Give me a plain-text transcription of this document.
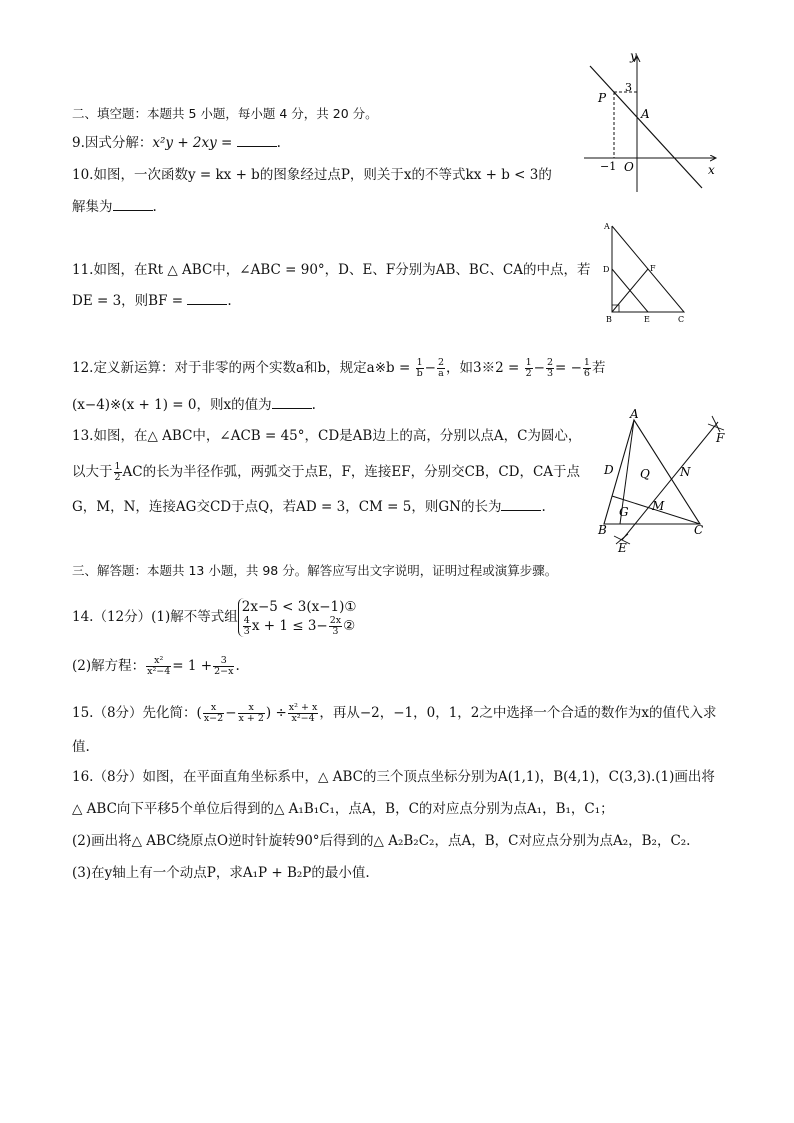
二、填空题：本题共 5 小题，每小题 4 分，共 20 分。
9.因式分解：x²y + 2xy =	.
10.如图，一次函数y = kx + b的图象经过点P，则关于x的不等式kx + b < 3的
解集为	.
11.如图，在Rt △ ABC中，∠ABC = 90°，D、E、F分别为AB、BC、CA的中点，若
DE = 3，则BF =	.
12.定义新运算：对于非零的两个实数a和b，规定a※b = $\frac{1}{b} - \frac{2}{a}$ ，如3※2 = $\frac{1}{2} - \frac{2}{3}$ = − $\frac{1}{6}$ 若
(x−4)※(x + 1) = 0，则x的值为	.
13.如图，在△ ABC中，∠ACB = 45°，CD是AB边上的高，分别以点A，C为圆心，
以大于 $\frac{1}{2}$ AC的长为半径作弧，两弧交于点E，F，连接EF，分别交CB，CD，CA于点
G，M，N，连接AG交CD于点Q，若AD = 3，CM = 5，则GN的长为	.
三、解答题：本题共 13 小题，共 98 分。解答应写出文字说明，证明过程或演算步骤。
14.（12分）(1)解不等式组
2x−5 < 3(x−1)①
$\frac{4}{3}$ $x + 1 \le 3- \frac{2x}{3}$ ②
(2)解方程： $\frac{\text{x²}}{\text{x²−4}} = 1 + \frac{3}{2-x}$ .
15.（8分）先化简：( $\frac{x}{x-2} - \frac{x}{x + 2}$ ) ÷ $\frac{\text{x² + x}}{\text{x²−4}}$ ，再从−2，−1，0，1，2之中选择一个合适的数作为x的值代入求
值.
16.（8分）如图，在平面直角坐标系中，△ ABC的三个顶点坐标分别为A(1,1)，B(4,1)，C(3,3).(1)画出将
△ ABC向下平移5个单位后得到的△ A₁B₁C₁，点A，B，C的对应点分别为点A₁，B₁，C₁；
(2)画出将△ ABC绕原点O逆时针旋转90°后得到的△ A₂B₂C₂，点A，B，C对应点分别为点A₂，B₂，C₂.
(3)在y轴上有一个动点P，求A₁P + B₂P的最小值.
y
x
3
P
A
−1 O
A
D	F
B	E	C
A
F
D Q	N
M
G
B	C
E
